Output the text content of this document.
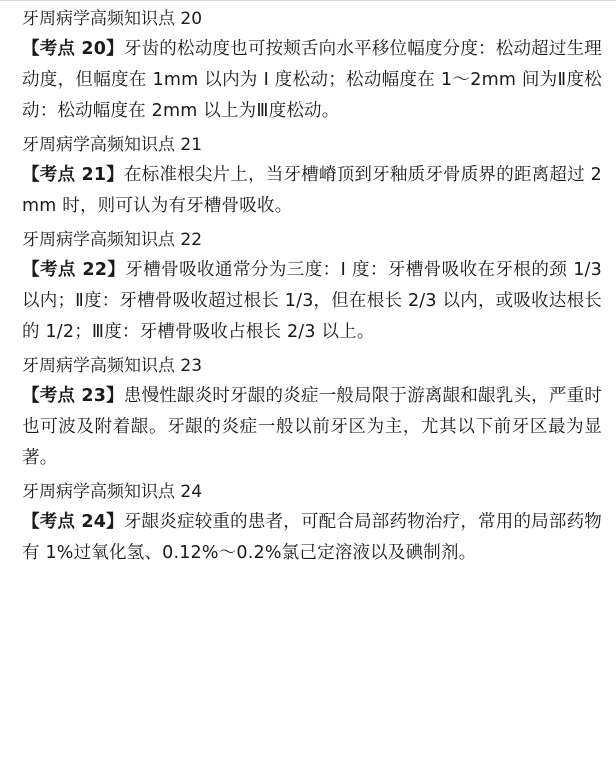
牙周病学高频知识点 20

【考点 20】牙齿的松动度也可按颊舌向水平移位幅度分度：松动超过生理动度，但幅度在 1mm 以内为 I 度松动；松动幅度在 1～2mm 间为Ⅱ度松动：松动幅度在 2mm 以上为Ⅲ度松动。

牙周病学高频知识点 21

【考点 21】在标准根尖片上，当牙槽嵴顶到牙釉质牙骨质界的距离超过 2mm 时，则可认为有牙槽骨吸收。

牙周病学高频知识点 22

【考点 22】牙槽骨吸收通常分为三度：I 度：牙槽骨吸收在牙根的颈 1/3 以内；Ⅱ度：牙槽骨吸收超过根长 1/3，但在根长 2/3 以内，或吸收达根长的 1/2；Ⅲ度：牙槽骨吸收占根长 2/3 以上。

牙周病学高频知识点 23

【考点 23】患慢性龈炎时牙龈的炎症一般局限于游离龈和龈乳头，严重时也可波及附着龈。牙龈的炎症一般以前牙区为主，尤其以下前牙区最为显著。

牙周病学高频知识点 24

【考点 24】牙龈炎症较重的患者，可配合局部药物治疗，常用的局部药物有 1%过氧化氢、0.12%～0.2%氯己定溶液以及碘制剂。
